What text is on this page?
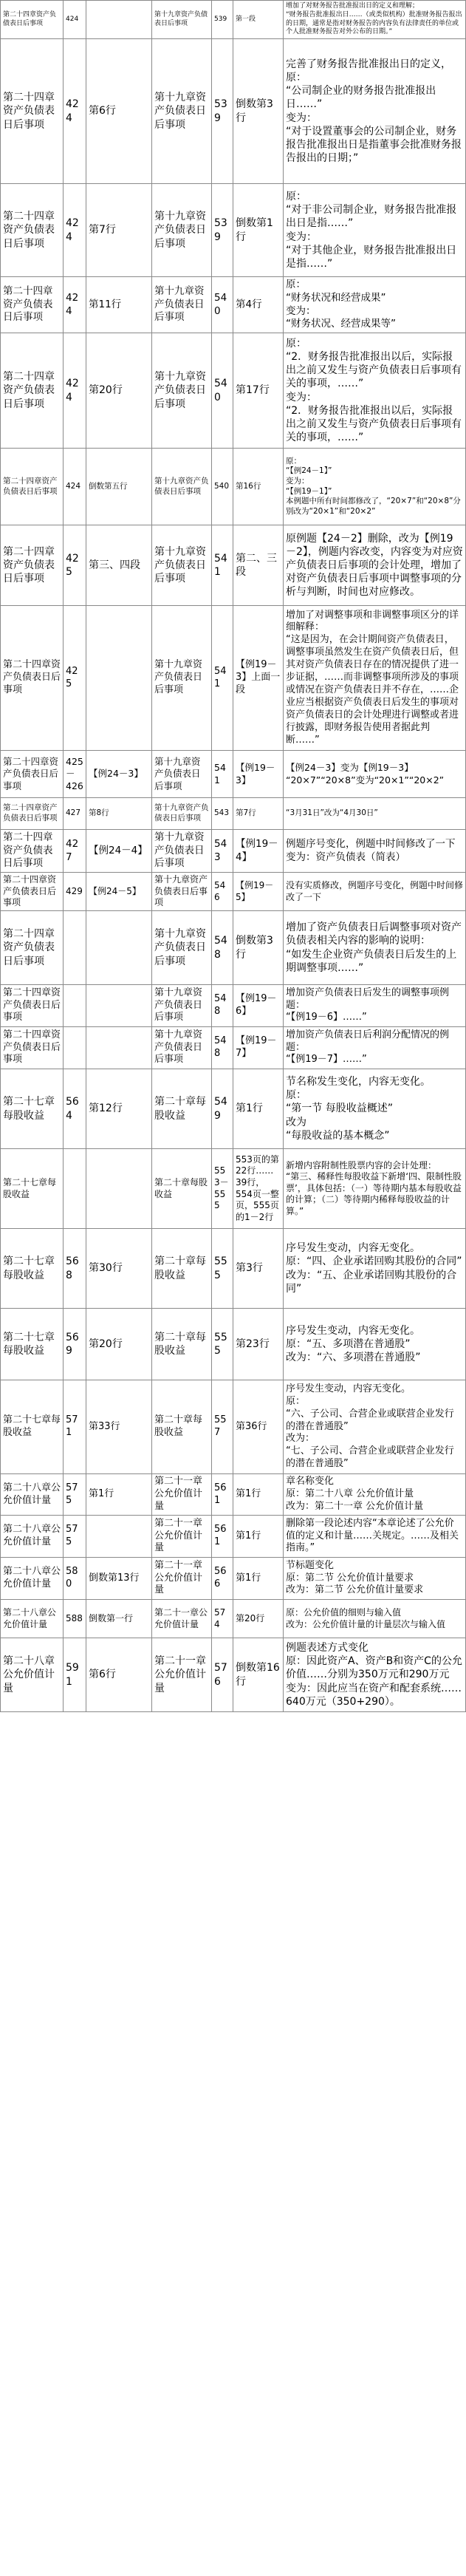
第二十四章资产负债表日后事项	424		第十九章资产负债表日后事项	539	第一段	增加了对财务报告批准报出日的定义和理解；
“财务报告批准报出日……（或类似机构）批准财务报告报出的日期，通常是指对财务报告的内容负有法律责任的单位或个人批准财务报告对外公布的日期。”

第二十四章资产负债表日后事项	424	第6行	第十九章资产负债表日后事项	539	倒数第3行	完善了财务报告批准报出日的定义，原：
“公司制企业的财务报告批准报出日……”
变为：
“对于设置董事会的公司制企业，财务报告批准报出日是指董事会批准财务报告报出的日期；”

第二十四章资产负债表日后事项	424	第7行	第十九章资产负债表日后事项	539	倒数第1行	原：
“对于非公司制企业，财务报告批准报出日是指……”
变为：
“对于其他企业，财务报告批准报出日是指……”

第二十四章资产负债表日后事项	424	第11行	第十九章资产负债表日后事项	540	第4行	原：
“财务状况和经营成果”
变为：
“财务状况、经营成果等”

第二十四章资产负债表日后事项	424	第20行	第十九章资产负债表日后事项	540	第17行	原：
“2．财务报告批准报出以后，实际报出之前又发生与资产负债表日后事项有关的事项，……”
变为：
“2．财务报告批准报出以后，实际报出之前又发生与资产负债表日后事项有关的事项，……”

第二十四章资产负债表日后事项	424	倒数第五行	第十九章资产负债表日后事项	540	第16行	原：
“【例24－1】”
变为：
“【例19－1】”
本例题中所有时间都修改了，“20×7”和“20×8”分别改为“20×1”和“20×2”

第二十四章资产负债表日后事项	425	第三、四段	第十九章资产负债表日后事项	541	第二、三段	原例题【24－2】删除，改为【例19－2】，例题内容改变，内容变为对应资产负债表日后事项的会计处理，增加了对资产负债表日后事项中调整事项的分析与判断，时间也对应修改。

第二十四章资产负债表日后事项	425		第十九章资产负债表日后事项	541	【例19－3】上面一段	增加了对调整事项和非调整事项区分的详细解释：
“这是因为，在会计期间资产负债表日，调整事项虽然发生在资产负债表日后，但其对资产负债表日存在的情况提供了进一步证据，……而非调整事项所涉及的事项或情况在资产负债表日并不存在，……企业应当根据资产负债表日后发生的事项对资产负债表日的会计处理进行调整或者进行披露，即财务报告使用者据此判断……”

第二十四章资产负债表日后事项	425－426	【例24－3】	第十九章资产负债表日后事项	541	【例19－3】	【例24－3】变为【例19－3】
“20×7”“20×8”变为“20×1”“20×2”

第二十四章资产负债表日后事项	427	第8行	第十九章资产负债表日后事项	543	第7行	“3月31日”改为“4月30日”

第二十四章资产负债表日后事项	427	【例24－4】	第十九章资产负债表日后事项	543	【例19－4】	例题序号变化，例题中时间修改了一下
变为：资产负债表（简表）

第二十四章资产负债表日后事项	429	【例24－5】	第十九章资产负债表日后事项	546	【例19－5】	没有实质修改，例题序号变化，例题中时间修改了一下

第二十四章资产负债表日后事项			第十九章资产负债表日后事项	548	倒数第3行	增加了资产负债表日后调整事项对资产负债表相关内容的影响的说明：
“如发生企业资产负债表日后发生的上期调整事项……”

第二十四章资产负债表日后事项			第十九章资产负债表日后事项	548	【例19－6】	增加资产负债表日后发生的调整事项例题：
“【例19－6】……”

第二十四章资产负债表日后事项			第十九章资产负债表日后事项	548	【例19－7】	增加资产负债表日后利润分配情况的例题：
“【例19－7】……”

第二十七章每股收益	564	第12行	第二十章每股收益	549	第1行	节名称发生变化，内容无变化。
原：
“第一节 每股收益概述”
改为
“每股收益的基本概念”

第二十七章每股收益			第二十章每股收益	553－555	553页的第22行……39行，554页一整页，555页的1－2行	新增内容附制性股票内容的会计处理：
“第三、稀释性每股收益下新增‘四、限制性股票’，具体包括：（一）等待期内基本每股收益的计算；（二）等待期内稀释每股收益的计算。”

第二十七章每股收益	568	第30行	第二十章每股收益	555	第3行	序号发生变动，内容无变化。
原：“四、企业承诺回购其股份的合同”
改为：“五、企业承诺回购其股份的合同”

第二十七章每股收益	569	第20行	第二十章每股收益	555	第23行	序号发生变动，内容无变化。
原：“五、多项潜在普通股”
改为：“六、多项潜在普通股”

第二十七章每股收益	571	第33行	第二十章每股收益	557	第36行	序号发生变动，内容无变化。
原：
“六、子公司、合营企业或联营企业发行的潜在普通股”
改为：
“七、子公司、合营企业或联营企业发行的潜在普通股”

第二十八章公允价值计量	575	第1行	第二十一章公允价值计量	561	第1行	章名称变化
原：第二十八章 公允价值计量
改为：第二十一章 公允价值计量

第二十八章公允价值计量	575		第二十一章公允价值计量	561	第1行	删除第一段论述内容“本章论述了公允价值的定义和计量……关规定。……及相关指南。”

第二十八章公允价值计量	580	倒数第13行	第二十一章公允价值计量	566	第1行	节标题变化
原：第二节 公允价值计量要求
改为：第二节 公允价值计量要求

第二十八章公允价值计量	588	倒数第一行	第二十一章公允价值计量	574	第20行	原：公允价值的细则与输入值
改为：公允价值计量的计量层次与输入值

第二十八章公允价值计量	591	第6行	第二十一章公允价值计量	576	倒数第16行	例题表述方式变化
原：因此资产A、资产B和资产C的公允价值……分别为350万元和290万元
变为：因此应当在资产和配套系统……640万元（350+290）。
